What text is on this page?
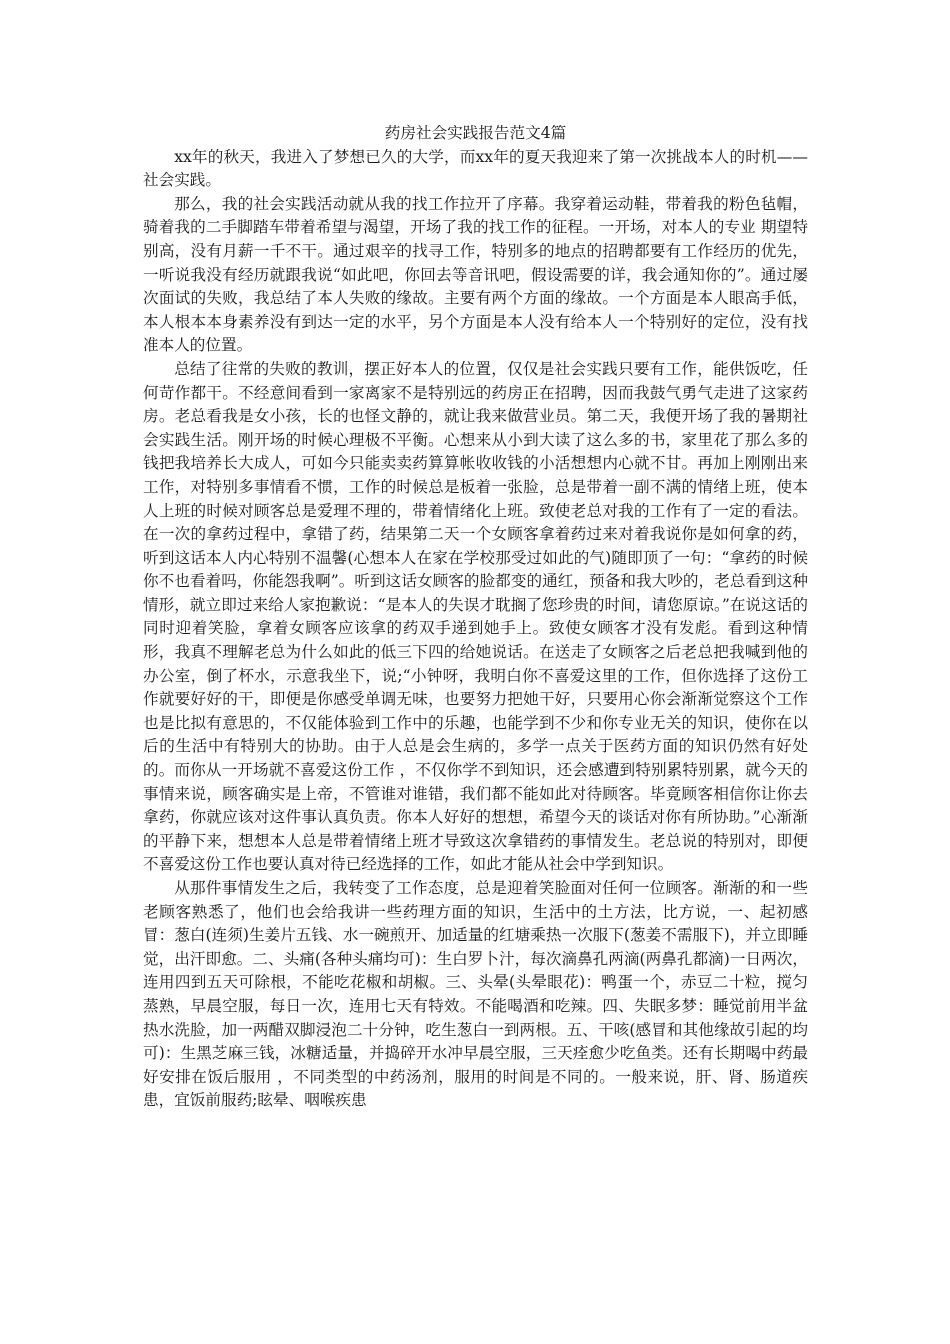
药房社会实践报告范文4篇

xx年的秋天，我进入了梦想已久的大学，而xx年的夏天我迎来了第一次挑战本人的时机——社会实践。

那么，我的社会实践活动就从我的找工作拉开了序幕。我穿着运动鞋，带着我的粉色毡帽，骑着我的二手脚踏车带着希望与渴望，开场了我的找工作的征程。一开场，对本人的专业 期望特别高，没有月薪一千不干。通过艰辛的找寻工作，特别多的地点的招聘都要有工作经历的优先，一听说我没有经历就跟我说“如此吧，你回去等音讯吧，假设需要的详，我会通知你的”。通过屡次面试的失败，我总结了本人失败的缘故。主要有两个方面的缘故。一个方面是本人眼高手低，本人根本本身素养没有到达一定的水平，另个方面是本人没有给本人一个特别好的定位，没有找准本人的位置。

总结了往常的失败的教训，摆正好本人的位置，仅仅是社会实践只要有工作，能供饭吃，任何苛作都干。不经意间看到一家离家不是特别远的药房正在招聘，因而我鼓气勇气走进了这家药房。老总看我是女小孩，长的也怪文静的，就让我来做营业员。第二天，我便开场了我的暑期社会实践生活。刚开场的时候心理极不平衡。心想来从小到大读了这么多的书，家里花了那么多的钱把我培养长大成人，可如今只能卖卖药算算帐收收钱的小活想想内心就不甘。再加上刚刚出来工作，对特别多事情看不惯，工作的时候总是板着一张脸，总是带着一副不满的情绪上班，使本人上班的时候对顾客总是爱理不理的，带着情绪化上班。致使老总对我的工作有了一定的看法。 在一次的拿药过程中，拿错了药，结果第二天一个女顾客拿着药过来对着我说你是如何拿的药，听到这话本人内心特别不温馨(心想本人在家在学校那受过如此的气)随即顶了一句：“拿药的时候你不也看着吗，你能怨我啊”。听到这话女顾客的脸都变的通红，预备和我大吵的，老总看到这种情形，就立即过来给人家抱歉说：“是本人的失误才耽搁了您珍贵的时间，请您原谅。”在说这话的同时迎着笑脸，拿着女顾客应该拿的药双手递到她手上。致使女顾客才没有发彪。看到这种情形，我真不理解老总为什么如此的低三下四的给她说话。在送走了女顾客之后老总把我喊到他的办公室，倒了杯水，示意我坐下，说;“小钟呀，我明白你不喜爱这里的工作，但你选择了这份工作就要好好的干，即便是你感受单调无味，也要努力把她干好，只要用心你会渐渐觉察这个工作也是比拟有意思的，不仅能体验到工作中的乐趣，也能学到不少和你专业无关的知识，使你在以后的生活中有特别大的协助。由于人总是会生病的，多学一点关于医药方面的知识仍然有好处的。而你从一开场就不喜爱这份工作 ，不仅你学不到知识，还会感遭到特别累特别累，就今天的事情来说，顾客确实是上帝，不管谁对谁错，我们都不能如此对待顾客。毕竟顾客相信你让你去拿药，你就应该对这件事认真负责。你本人好好的想想，希望今天的谈话对你有所协助。”心渐渐的平静下来，想想本人总是带着情绪上班才导致这次拿错药的事情发生。老总说的特别对，即便不喜爱这份工作也要认真对待已经选择的工作，如此才能从社会中学到知识。

从那件事情发生之后，我转变了工作态度，总是迎着笑脸面对任何一位顾客。渐渐的和一些老顾客熟悉了，他们也会给我讲一些药理方面的知识，生活中的土方法，比方说，一、起初感冒：葱白(连须)生姜片五钱、水一碗煎开、加适量的红塘乘热一次服下(葱姜不需服下)，并立即睡觉，出汗即愈。二、头痛(各种头痛均可)：生白罗卜汁，每次滴鼻孔两滴(两鼻孔都滴)一日两次，连用四到五天可除根，不能吃花椒和胡椒。三、头晕(头晕眼花)：鸭蛋一个，赤豆二十粒，搅匀蒸熟，早晨空服，每日一次，连用七天有特效。不能喝酒和吃辣。四、失眠多梦：睡觉前用半盆热水洗脸，加一两醋双脚浸泡二十分钟，吃生葱白一到两根。五、干咳(感冒和其他缘故引起的均可)：生黑芝麻三钱，冰糖适量，并捣碎开水冲早晨空服，三天痊愈少吃鱼类。还有长期喝中药最好安排在饭后服用 ，不同类型的中药汤剂，服用的时间是不同的。一般来说，肝、肾、肠道疾患，宜饭前服药;眩晕、咽喉疾患
